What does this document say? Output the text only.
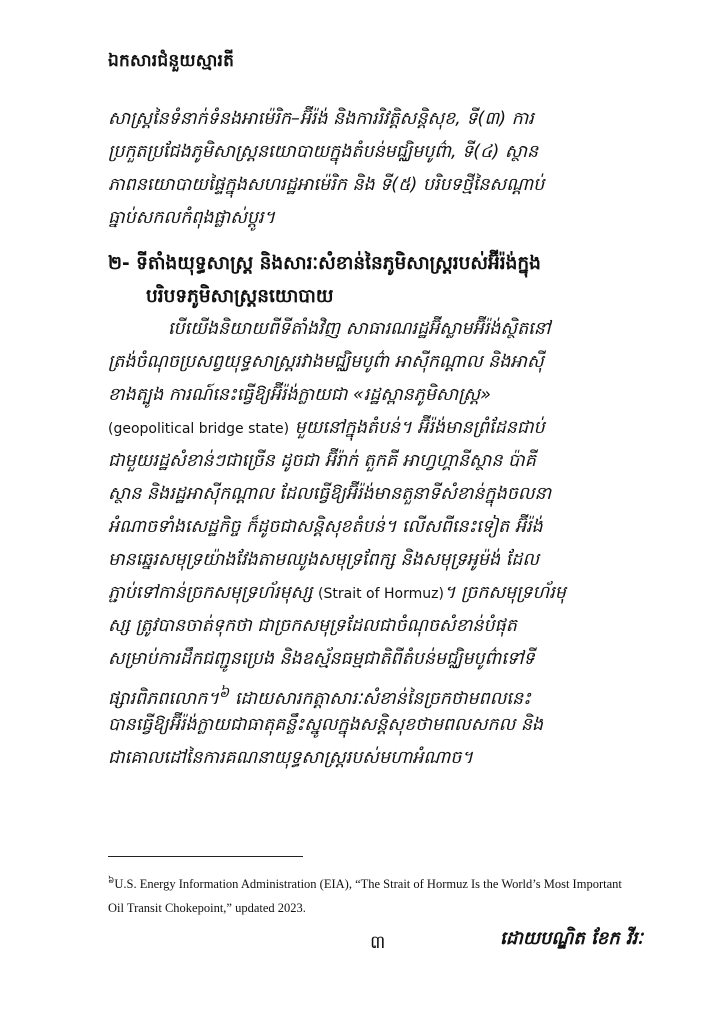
ឯកសារជំនួយស្មារតី
សាស្ត្រនៃទំនាក់ទំនងអាម៉េរិក–អ៊ីរ៉ង់ និងការរិវត្តិសន្តិសុខ, ទី(៣) ការ
ប្រកួតប្រជែងភូមិសាស្ត្រនយោបាយក្នុងតំបន់មជ្ឈិមបូព៌ា, ទី(៤) ស្ថាន
ភាពនយោបាយផ្ទៃក្នុងសហរដ្ឋអាម៉េរិក និង ទី(៥) បរិបទថ្មីនៃសណ្តាប់
ធ្នាប់សកលកំពុងផ្លាស់ប្តូរ។
២- ទីតាំងយុទ្ធសាស្ត្រ និងសារៈសំខាន់នៃភូមិសាស្ត្ររបស់អ៊ីរ៉ង់ក្នុង
បរិបទភូមិសាស្ត្រនយោបាយ
បើយើងនិយាយពីទីតាំងវិញ សាធារណរដ្ឋអ៊ីស្លាមអ៊ីរ៉ង់ស្ថិតនៅ
ត្រង់ចំណុចប្រសព្វយុទ្ធសាស្ត្ររវាងមជ្ឈិមបូព៌ា អាស៊ីកណ្តាល និងអាស៊ី
ខាងត្បូង ការណ៍នេះធ្វើឱ្យអ៊ីរ៉ង់ក្លាយជា «រដ្ឋស្ពានភូមិសាស្ត្រ»
(geopolitical bridge state) មួយនៅក្នុងតំបន់។ អ៊ីរ៉ង់មានព្រំដែនជាប់
ជាមួយរដ្ឋសំខាន់ៗជាច្រើន ដូចជា អ៊ីរ៉ាក់ តួកគី អាហ្វហ្គានីស្ថាន ប៉ាគី
ស្ថាន និងរដ្ឋអាស៊ីកណ្តាល ដែលធ្វើឱ្យអ៊ីរ៉ង់មានតួនាទីសំខាន់ក្នុងចលនា
អំណាចទាំងសេដ្ឋកិច្ច ក៏ដូចជាសន្តិសុខតំបន់។ លើសពីនេះទៀត អ៊ីរ៉ង់
មានឆ្នេរសមុទ្រយ៉ាងវែងតាមឈូងសមុទ្រពែក្ស និងសមុទ្រអូម៉ង់ ដែល
ភ្ជាប់ទៅកាន់ច្រកសមុទ្រហ័រមុស្ស (Strait of Hormuz)។ ច្រកសមុទ្រហ័រមុ
ស្ស ត្រូវបានចាត់ទុកថា ជាច្រកសមុទ្រដែលជាចំណុចសំខាន់បំផុត
សម្រាប់ការដឹកជញ្ជូនប្រេង និងឧស្ម័នធម្មជាតិពីតំបន់មជ្ឈិមបូព៌ាទៅទី
ផ្សារពិភពលោក។$^៦$ ដោយសារកត្តាសារៈសំខាន់នៃច្រកថាមពលនេះ
បានធ្វើឱ្យអ៊ីរ៉ង់ក្លាយជាធាតុគន្លឹះស្នូលក្នុងសន្តិសុខថាមពលសកល និង
ជាគោលដៅនៃការគណនាយុទ្ធសាស្ត្ររបស់មហាអំណាច។
$^៦$U.S. Energy Information Administration (EIA), “The Strait of Hormuz Is the World’s Most Important
Oil Transit Chokepoint,” updated 2023.
៣	ដោយបណ្ឌិត ខែក វីរៈ
